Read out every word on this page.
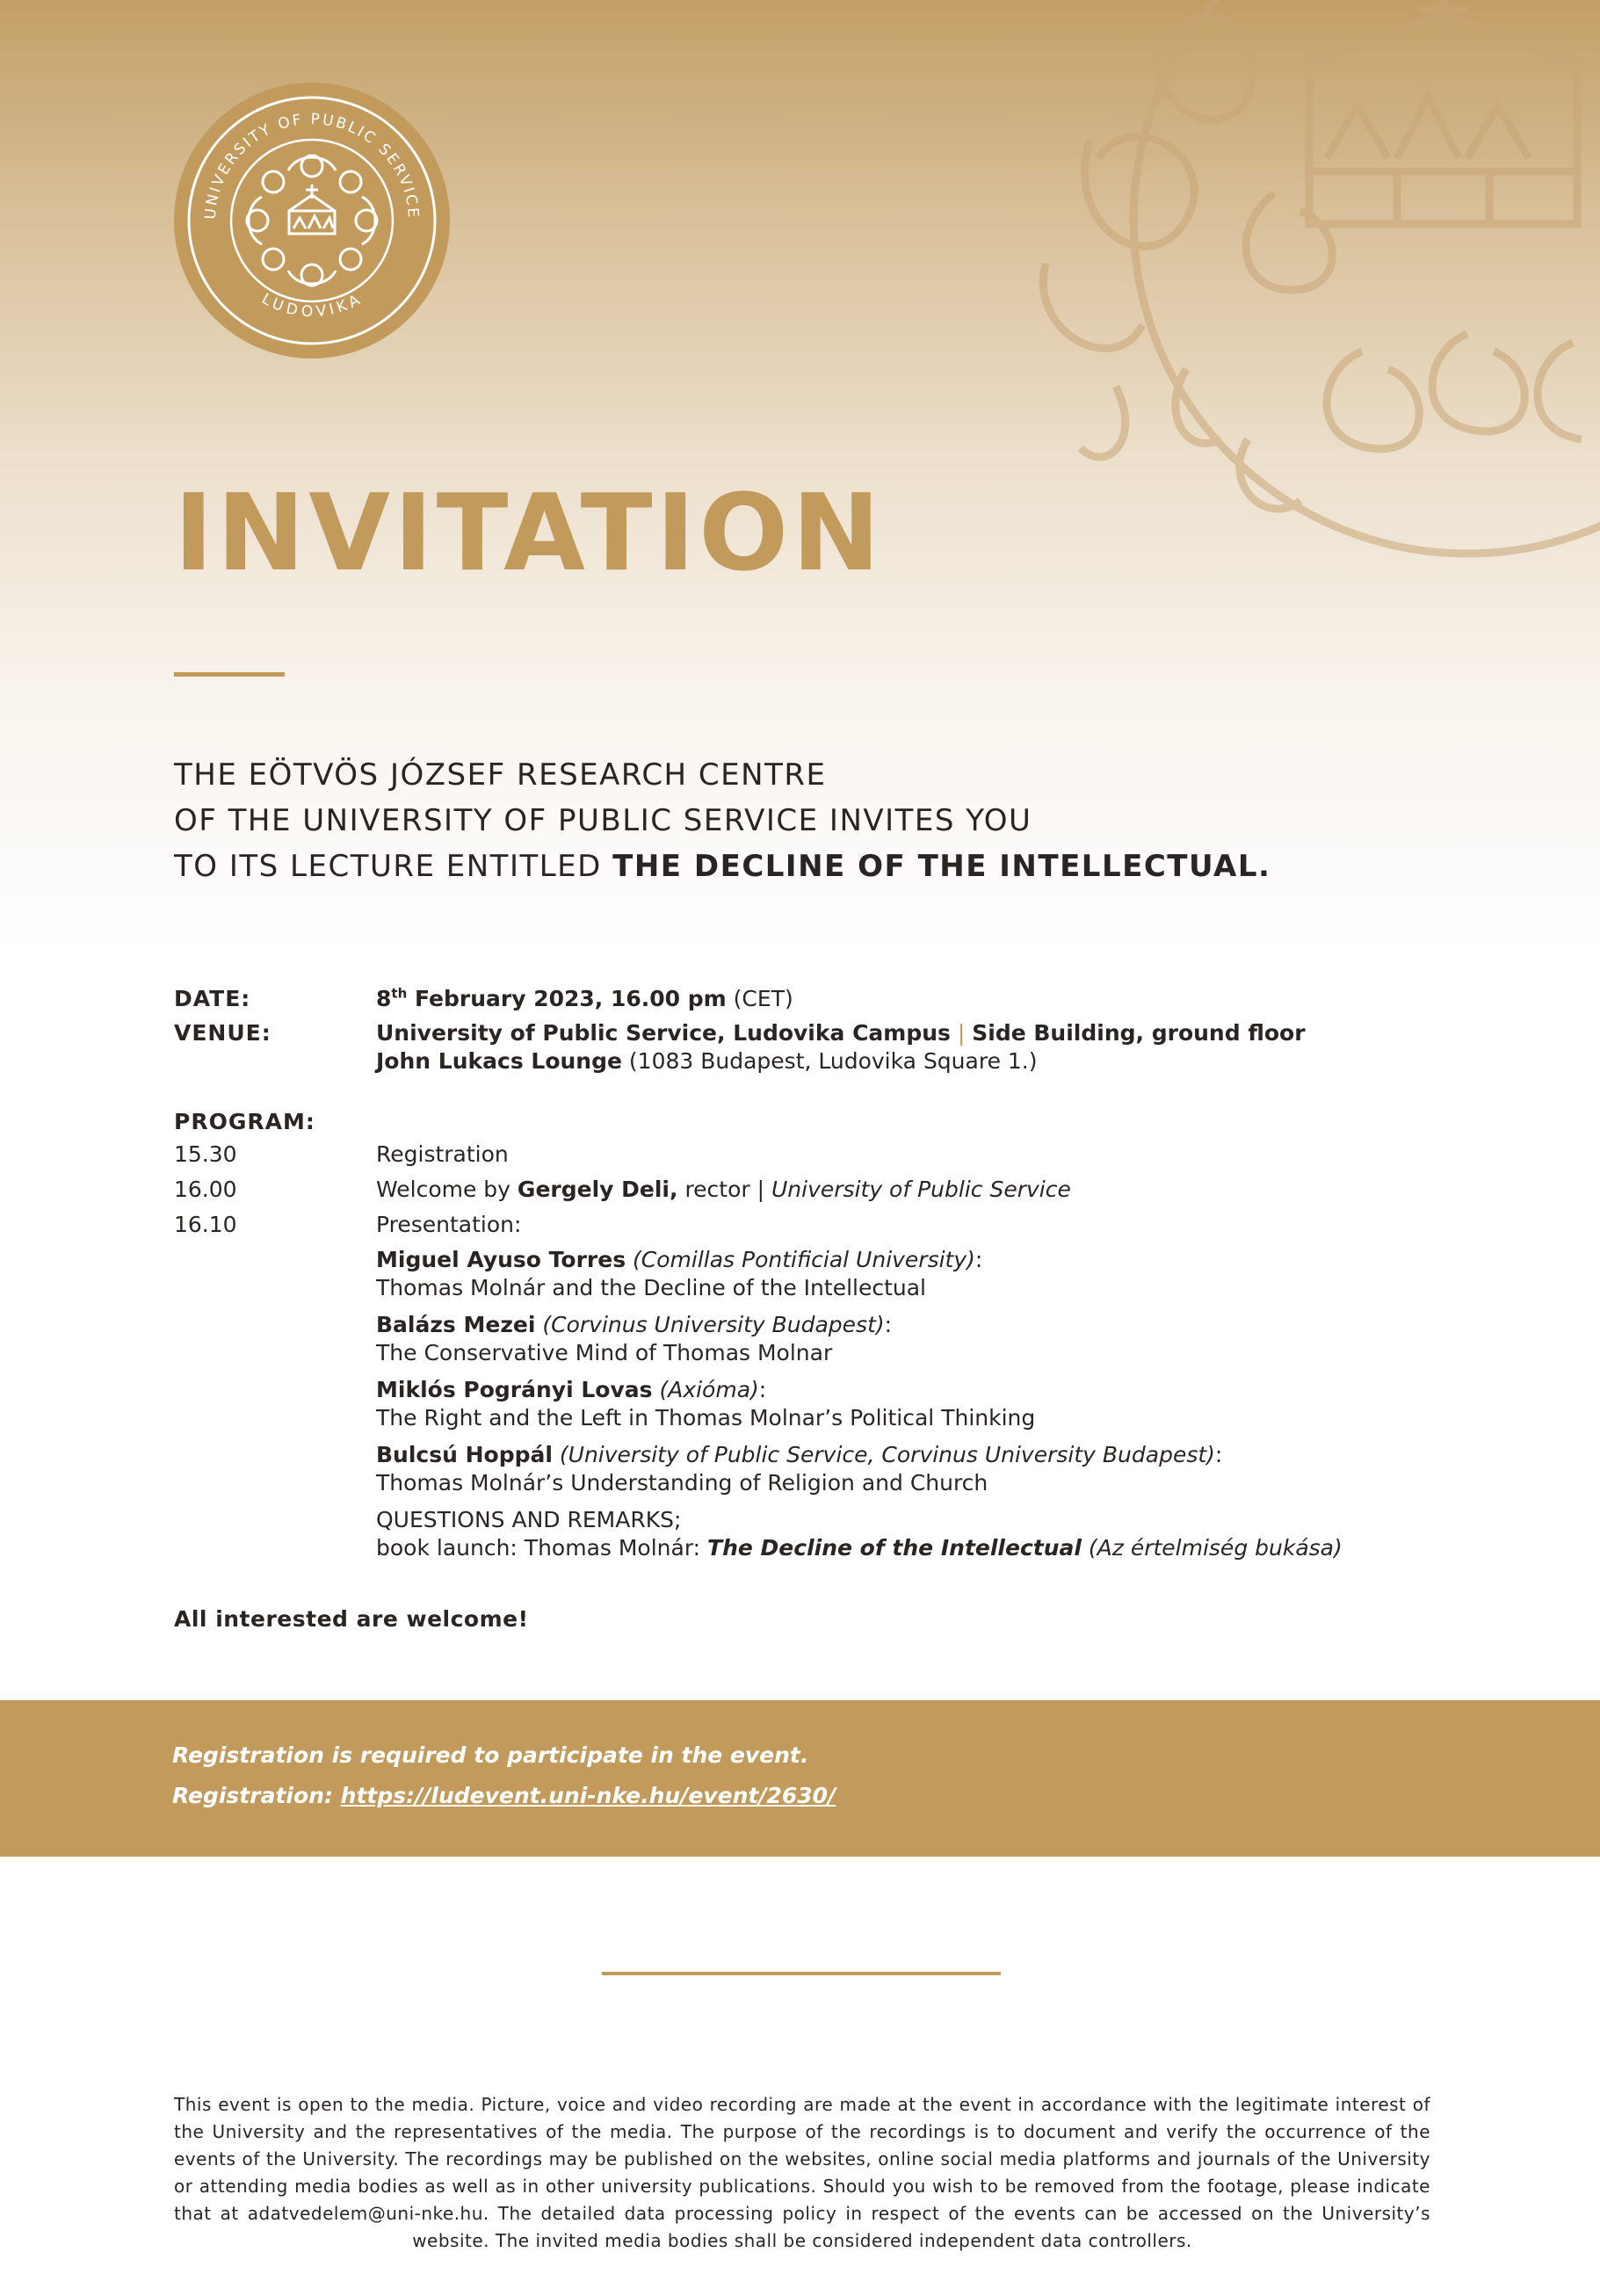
UNIVERSITY OF PUBLIC SERVICE
LUDOVIKA
INVITATION
THE EÖTVÖS JÓZSEF RESEARCH CENTRE
OF THE UNIVERSITY OF PUBLIC SERVICE INVITES YOU
TO ITS LECTURE ENTITLED THE DECLINE OF THE INTELLECTUAL.
DATE:	8th February 2023, 16.00 pm (CET)
VENUE:	University of Public Service, Ludovika Campus | Side Building, ground floor
John Lukacs Lounge (1083 Budapest, Ludovika Square 1.)
PROGRAM:
15.30	Registration
16.00	Welcome by Gergely Deli, rector | University of Public Service
16.10	Presentation:
Miguel Ayuso Torres (Comillas Pontificial University):
Thomas Molnár and the Decline of the Intellectual
Balázs Mezei (Corvinus University Budapest):
The Conservative Mind of Thomas Molnar
Miklós Pogrányi Lovas (Axióma):
The Right and the Left in Thomas Molnar’s Political Thinking
Bulcsú Hoppál (University of Public Service, Corvinus University Budapest):
Thomas Molnár’s Understanding of Religion and Church
QUESTIONS AND REMARKS;
book launch: Thomas Molnár: The Decline of the Intellectual (Az értelmiség bukása)
All interested are welcome!
Registration is required to participate in the event.
Registration: https://ludevent.uni-nke.hu/event/2630/
This event is open to the media. Picture, voice and video recording are made at the event in accordance with the legitimate interest of the University and the representatives of the media. The purpose of the recordings is to document and verify the occurrence of the events of the University. The recordings may be published on the websites, online social media platforms and journals of the University or attending media bodies as well as in other university publications. Should you wish to be removed from the footage, please indicate that at adatvedelem@uni-nke.hu. The detailed data processing policy in respect of the events can be accessed on the University’s website. The invited media bodies shall be considered independent data controllers.
